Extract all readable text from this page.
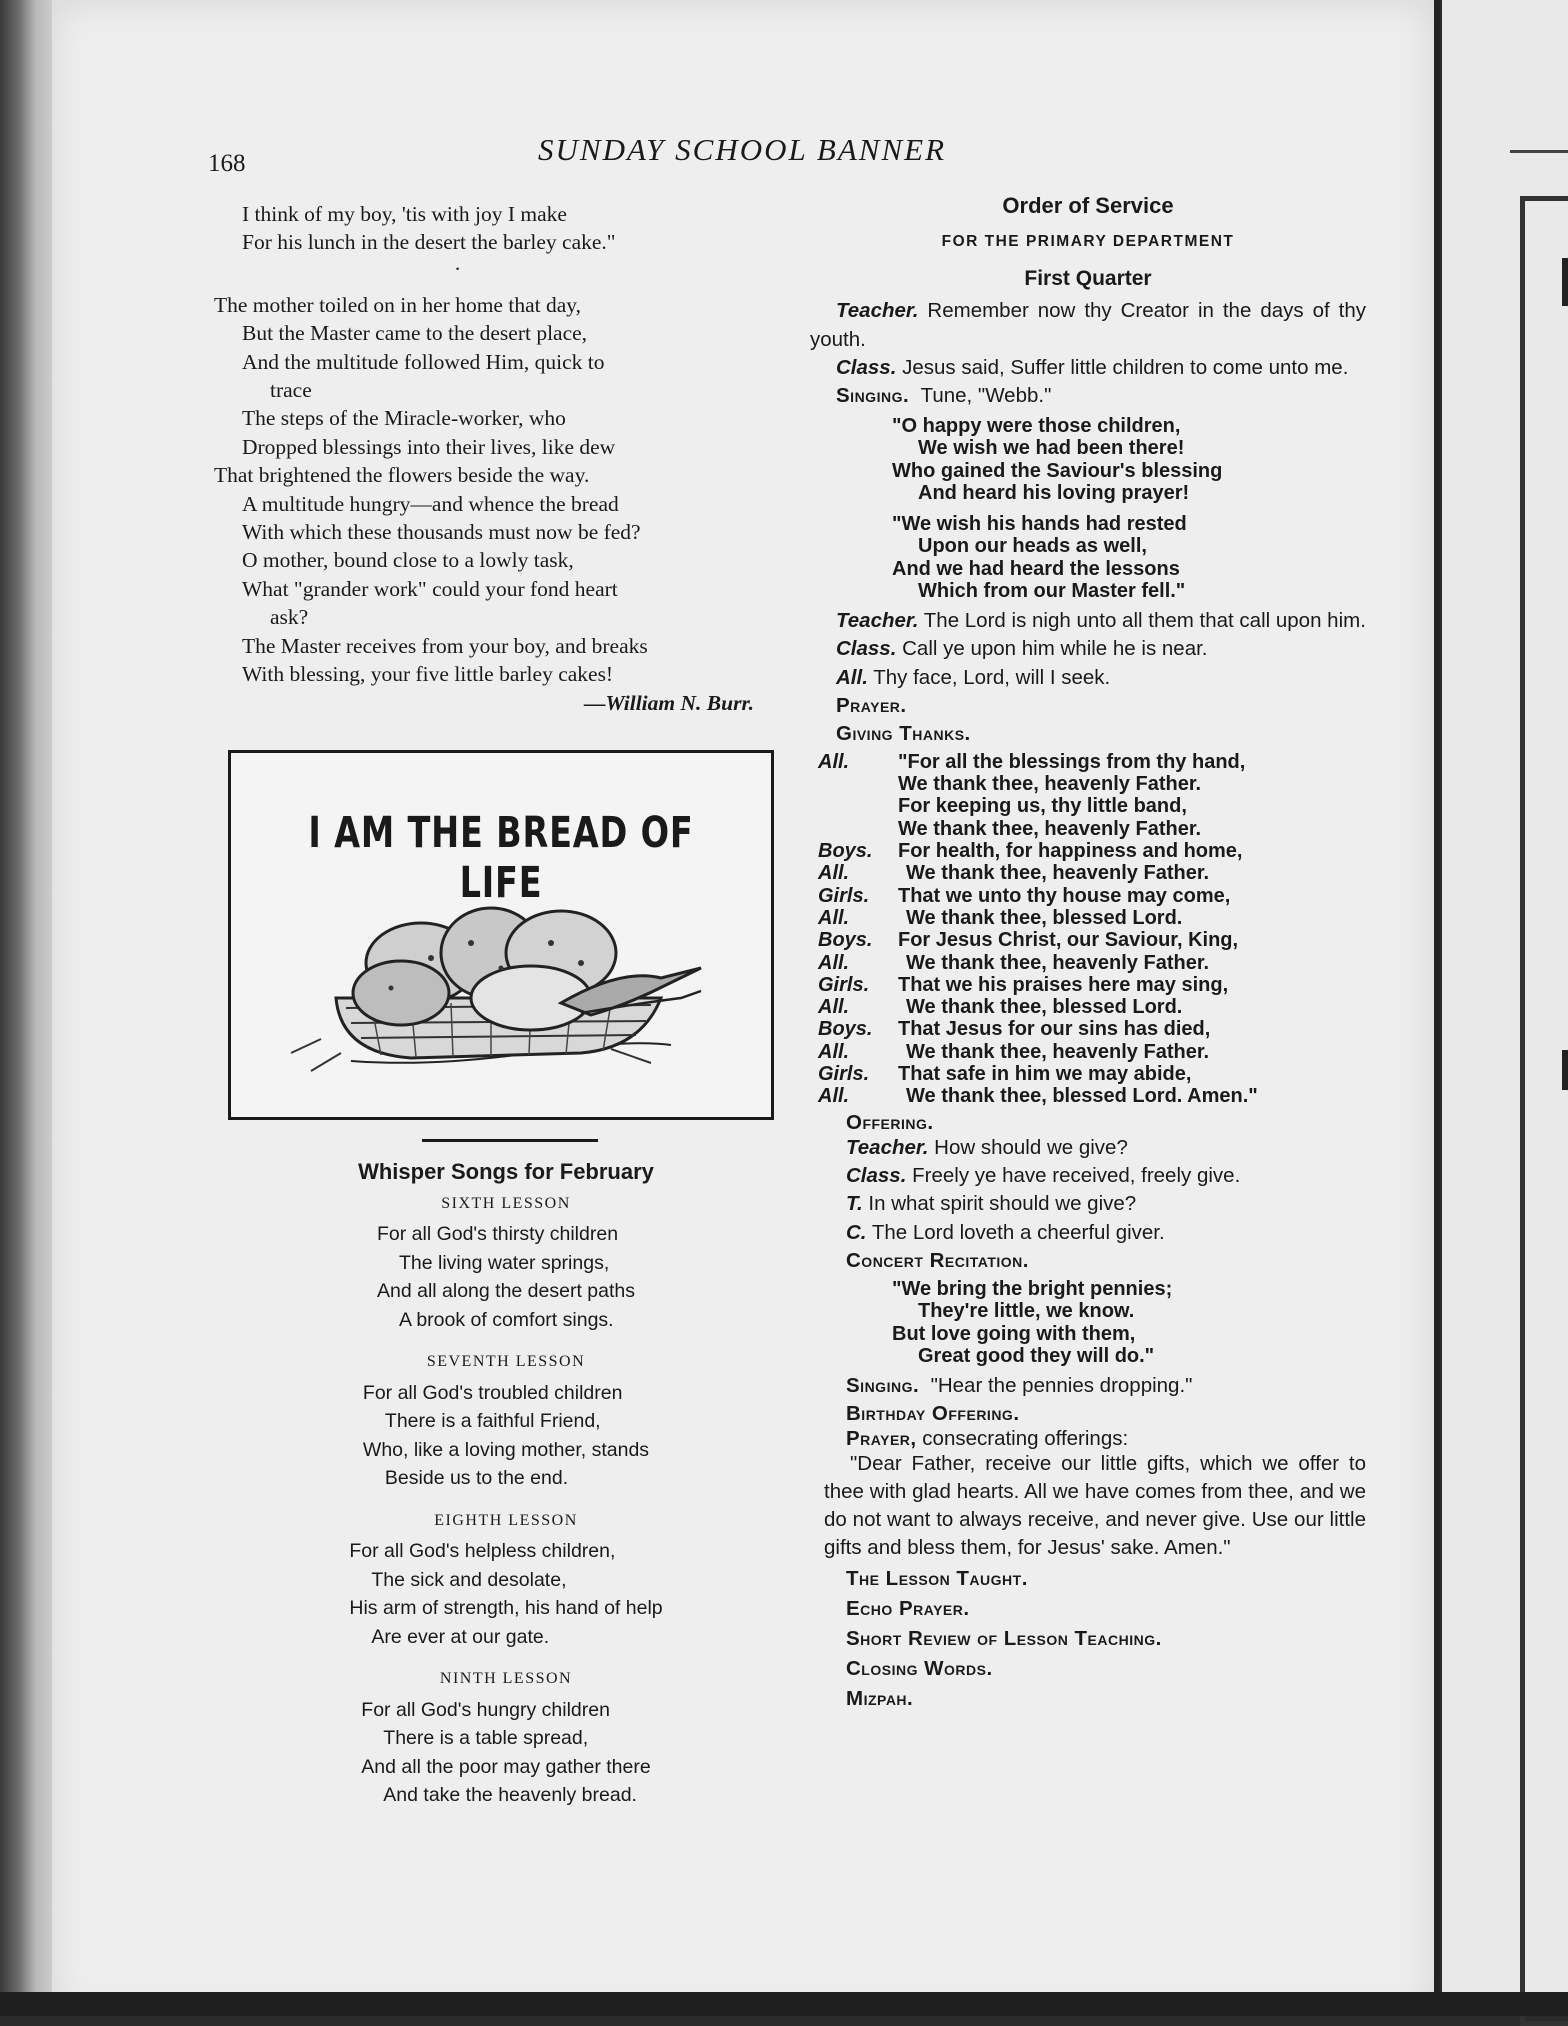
168	SUNDAY SCHOOL BANNER
I think of my boy, 'tis with joy I make
For his lunch in the desert the barley cake."
·
The mother toiled on in her home that day,
But the Master came to the desert place,
And the multitude followed Him, quick to
trace
The steps of the Miracle-worker, who
Dropped blessings into their lives, like dew
That brightened the flowers beside the way.
A multitude hungry—and whence the bread
With which these thousands must now be fed?
O mother, bound close to a lowly task,
What "grander work" could your fond heart
ask?
The Master receives from your boy, and breaks
With blessing, your five little barley cakes!
—William N. Burr.
I AM THE BREAD OF LIFE
Whisper Songs for February
SIXTH LESSON
For all God's thirsty children
The living water springs,
And all along the desert paths
A brook of comfort sings.
SEVENTH LESSON
For all God's troubled children
There is a faithful Friend,
Who, like a loving mother, stands
Beside us to the end.
EIGHTH LESSON
For all God's helpless children,
The sick and desolate,
His arm of strength, his hand of help
Are ever at our gate.
NINTH LESSON
For all God's hungry children
There is a table spread,
And all the poor may gather there
And take the heavenly bread.
Order of Service
FOR THE PRIMARY DEPARTMENT
First Quarter
Teacher. Remember now thy Creator in the days of thy youth.
Class. Jesus said, Suffer little children to come unto me.
Singing. Tune, "Webb."
"O happy were those children,
We wish we had been there!
Who gained the Saviour's blessing
And heard his loving prayer!
"We wish his hands had rested
Upon our heads as well,
And we had heard the lessons
Which from our Master fell."
Teacher. The Lord is nigh unto all them that call upon him.
Class. Call ye upon him while he is near.
All. Thy face, Lord, will I seek.
Prayer.
Giving Thanks.
All.	"For all the blessings from thy hand,
We thank thee, heavenly Father.
For keeping us, thy little band,
We thank thee, heavenly Father.
Boys.	For health, for happiness and home,
All.	We thank thee, heavenly Father.
Girls.	That we unto thy house may come,
All.	We thank thee, blessed Lord.
Boys.	For Jesus Christ, our Saviour, King,
All.	We thank thee, heavenly Father.
Girls.	That we his praises here may sing,
All.	We thank thee, blessed Lord.
Boys.	That Jesus for our sins has died,
All.	We thank thee, heavenly Father.
Girls.	That safe in him we may abide,
All.	We thank thee, blessed Lord. Amen."
Offering.
Teacher. How should we give?
Class. Freely ye have received, freely give.
T. In what spirit should we give?
C. The Lord loveth a cheerful giver.
Concert Recitation.
"We bring the bright pennies;
They're little, we know.
But love going with them,
Great good they will do."
Singing. "Hear the pennies dropping."
Birthday Offering.
Prayer, consecrating offerings:
"Dear Father, receive our little gifts, which we offer to thee with glad hearts. All we have comes from thee, and we do not want to always receive, and never give. Use our little gifts and bless them, for Jesus' sake. Amen."
The Lesson Taught.
Echo Prayer.
Short Review of Lesson Teaching.
Closing Words.
Mizpah.
